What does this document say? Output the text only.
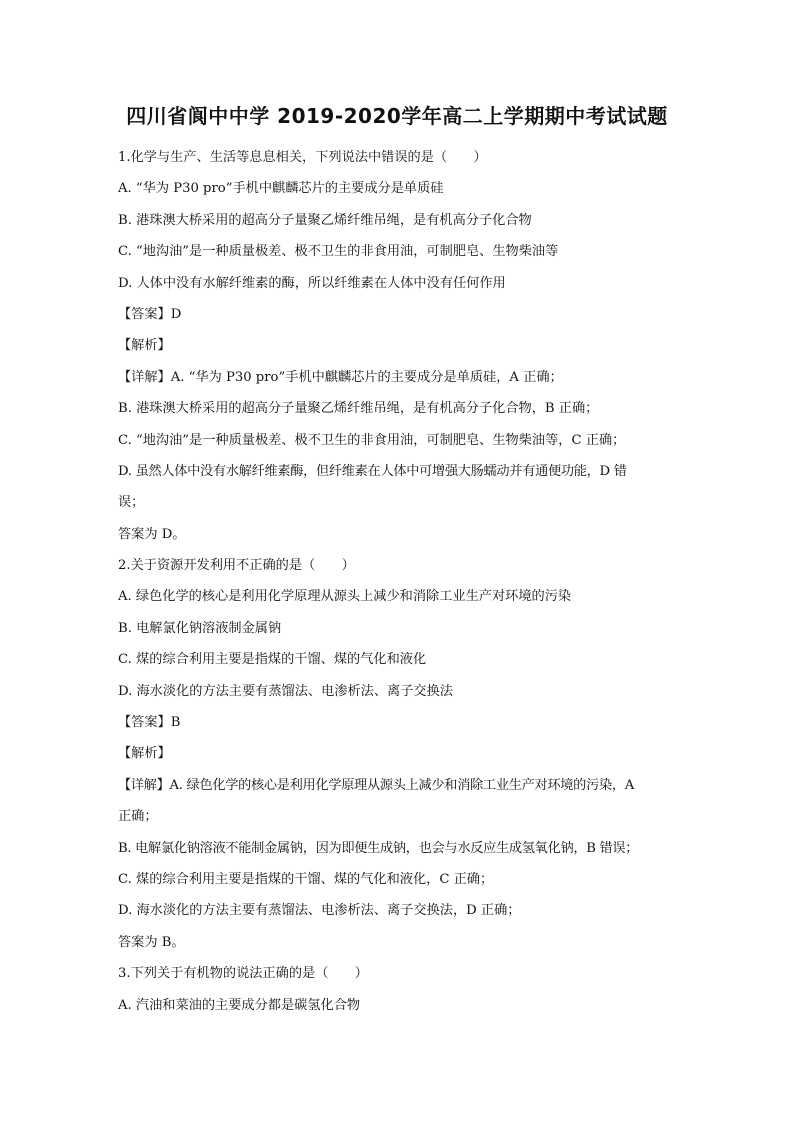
四川省阆中中学 2019-2020学年高二上学期期中考试试题
1.化学与生产、生活等息息相关，下列说法中错误的是（　　）
A. “华为 P30 pro”手机中麒麟芯片的主要成分是单质硅
B. 港珠澳大桥采用的超高分子量聚乙烯纤维吊绳，是有机高分子化合物
C. “地沟油”是一种质量极差、极不卫生的非食用油，可制肥皂、生物柴油等
D. 人体中没有水解纤维素的酶，所以纤维素在人体中没有任何作用
【答案】D
【解析】
【详解】A. “华为 P30 pro”手机中麒麟芯片的主要成分是单质硅，A 正确；
B. 港珠澳大桥采用的超高分子量聚乙烯纤维吊绳，是有机高分子化合物，B 正确；
C. “地沟油”是一种质量极差、极不卫生的非食用油，可制肥皂、生物柴油等，C 正确；
D. 虽然人体中没有水解纤维素酶，但纤维素在人体中可增强大肠蠕动并有通便功能，D 错
误；
答案为 D。
2.关于资源开发利用不正确的是（　　）
A. 绿色化学的核心是利用化学原理从源头上减少和消除工业生产对环境的污染
B. 电解氯化钠溶液制金属钠
C. 煤的综合利用主要是指煤的干馏、煤的气化和液化
D. 海水淡化的方法主要有蒸馏法、电渗析法、离子交换法
【答案】B
【解析】
【详解】A. 绿色化学的核心是利用化学原理从源头上减少和消除工业生产对环境的污染，A
正确；
B. 电解氯化钠溶液不能制金属钠，因为即便生成钠，也会与水反应生成氢氧化钠，B 错误；
C. 煤的综合利用主要是指煤的干馏、煤的气化和液化，C 正确；
D. 海水淡化的方法主要有蒸馏法、电渗析法、离子交换法，D 正确；
答案为 B。
3.下列关于有机物的说法正确的是（　　）
A. 汽油和菜油的主要成分都是碳氢化合物
